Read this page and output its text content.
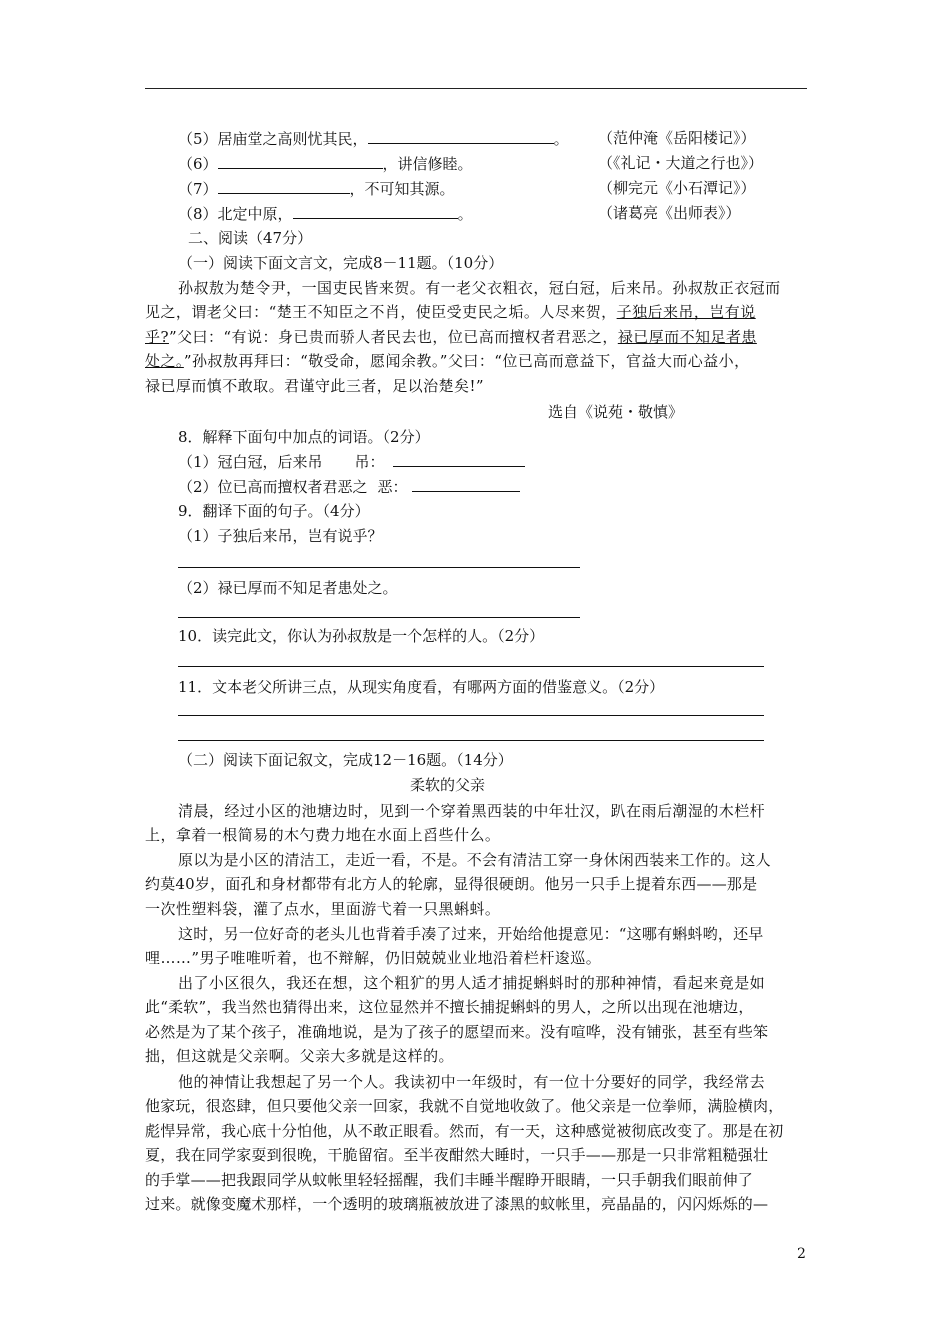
（5）居庙堂之高则忧其民，	。 （范仲淹《岳阳楼记》）
（6）	，讲信修睦。	（《礼记・大道之行也》）
（7）	，不可知其源。	（柳完元《小石潭记》）
（8）北定中原，	。	（诸葛亮《出师表》）
二、阅读（47分）
（一）阅读下面文言文，完成8－11题。（10分）
孙叔敖为楚令尹，一国吏民皆来贺。有一老父衣粗衣，冠白冠，后来吊。孙叔敖正衣冠而
见之，谓老父曰：“楚王不知臣之不肖，使臣受吏民之垢。人尽来贺，子独后来吊，岂有说
乎?”父曰：“有说：身已贵而骄人者民去也，位已高而擅权者君恶之，禄已厚而不知足者患
处之。”孙叔敖再拜曰：“敬受命，愿闻余教。”父曰：“位已高而意益下，官益大而心益小，
禄已厚而慎不敢取。君谨守此三者，足以治楚矣!”
选自《说苑・敬慎》
8．解释下面句中加点的词语。（2分）
（1）冠白冠，后来吊 吊：
（2）位已高而擅权者君恶之 恶：
9．翻译下面的句子。（4分）
（1）子独后来吊，岂有说乎？
（2）禄已厚而不知足者患处之。
10．读完此文，你认为孙叔敖是一个怎样的人。（2分）
11．文本老父所讲三点，从现实角度看，有哪两方面的借鉴意义。（2分）
（二）阅读下面记叙文，完成12－16题。（14分）
柔软的父亲
清晨，经过小区的池塘边时，见到一个穿着黑西装的中年壮汉，趴在雨后潮湿的木栏杆
上，拿着一根简易的木勺费力地在水面上舀些什么。
原以为是小区的清洁工，走近一看，不是。不会有清洁工穿一身休闲西装来工作的。这人
约莫40岁，面孔和身材都带有北方人的轮廓，显得很硬朗。他另一只手上提着东西——那是
一次性塑料袋，灌了点水，里面游弋着一只黑蝌蚪。
这时，另一位好奇的老头儿也背着手凑了过来，开始给他提意见：“这哪有蝌蚪哟，还早
哩……”男子唯唯听着，也不辩解，仍旧兢兢业业地沿着栏杆逡巡。
出了小区很久，我还在想，这个粗犷的男人适才捕捉蝌蚪时的那种神情，看起来竟是如
此“柔软”，我当然也猜得出来，这位显然并不擅长捕捉蝌蚪的男人，之所以出现在池塘边，
必然是为了某个孩子，准确地说，是为了孩子的愿望而来。没有喧哗，没有铺张，甚至有些笨
拙，但这就是父亲啊。父亲大多就是这样的。
他的神情让我想起了另一个人。我读初中一年级时，有一位十分要好的同学，我经常去
他家玩，很恣肆，但只要他父亲一回家，我就不自觉地收敛了。他父亲是一位拳师，满脸横肉，
彪悍异常，我心底十分怕他，从不敢正眼看。然而，有一天，这种感觉被彻底改变了。那是在初
夏，我在同学家耍到很晚，干脆留宿。至半夜酣然大睡时，一只手——那是一只非常粗糙强壮
的手掌——把我跟同学从蚊帐里轻轻摇醒，我们丰睡半醒睁开眼睛，一只手朝我们眼前伸了
过来。就像变魔术那样，一个透明的玻璃瓶被放进了漆黑的蚊帐里，亮晶晶的，闪闪烁烁的—
2
